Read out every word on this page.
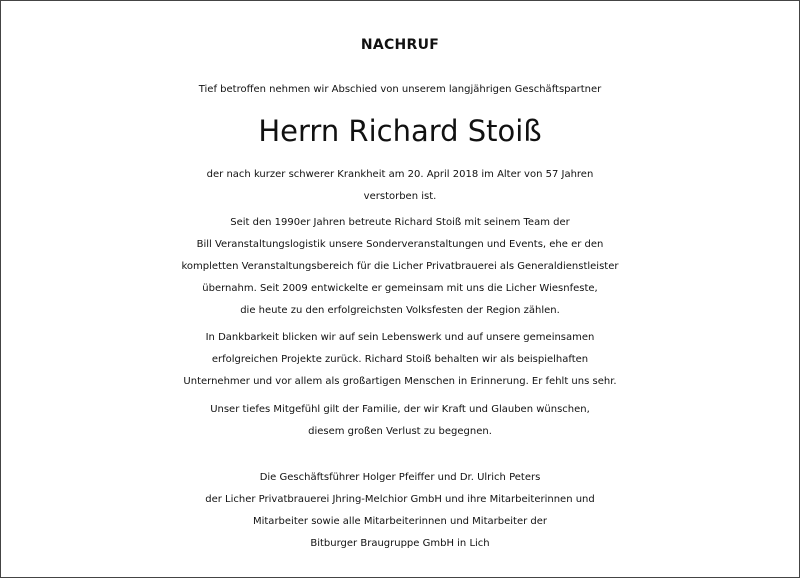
NACHRUF
Tief betroffen nehmen wir Abschied von unserem langjährigen Geschäftspartner
Herrn Richard Stoiß
der nach kurzer schwerer Krankheit am 20. April 2018 im Alter von 57 Jahren
verstorben ist.
Seit den 1990er Jahren betreute Richard Stoiß mit seinem Team der
Bill Veranstaltungslogistik unsere Sonderveranstaltungen und Events, ehe er den
kompletten Veranstaltungsbereich für die Licher Privatbrauerei als Generaldienstleister
übernahm. Seit 2009 entwickelte er gemeinsam mit uns die Licher Wiesnfeste,
die heute zu den erfolgreichsten Volksfesten der Region zählen.
In Dankbarkeit blicken wir auf sein Lebenswerk und auf unsere gemeinsamen
erfolgreichen Projekte zurück. Richard Stoiß behalten wir als beispielhaften
Unternehmer und vor allem als großartigen Menschen in Erinnerung. Er fehlt uns sehr.
Unser tiefes Mitgefühl gilt der Familie, der wir Kraft und Glauben wünschen,
diesem großen Verlust zu begegnen.
Die Geschäftsführer Holger Pfeiffer und Dr. Ulrich Peters
der Licher Privatbrauerei Jhring-Melchior GmbH und ihre Mitarbeiterinnen und
Mitarbeiter sowie alle Mitarbeiterinnen und Mitarbeiter der
Bitburger Braugruppe GmbH in Lich
